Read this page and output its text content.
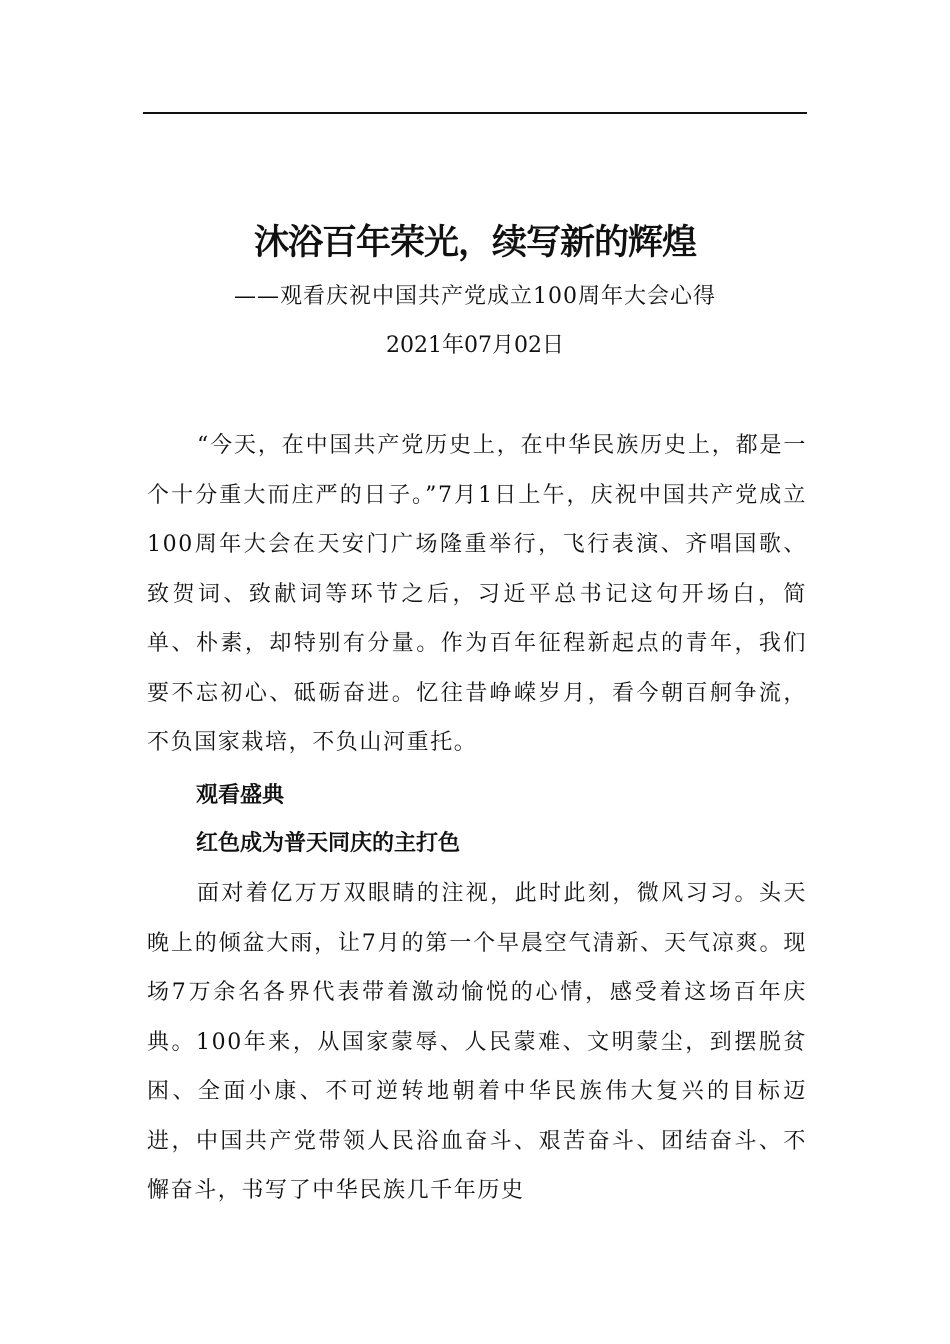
沐浴百年荣光，续写新的辉煌
——观看庆祝中国共产党成立100周年大会心得
2021年07月02日

“今天，在中国共产党历史上，在中华民族历史上，都是一个十分重大而庄严的日子。”7月1日上午，庆祝中国共产党成立100周年大会在天安门广场隆重举行，飞行表演、齐唱国歌、致贺词、致献词等环节之后，习近平总书记这句开场白，简单、朴素，却特别有分量。作为百年征程新起点的青年，我们要不忘初心、砥砺奋进。忆往昔峥嵘岁月，看今朝百舸争流，不负国家栽培，不负山河重托。

观看盛典

红色成为普天同庆的主打色

面对着亿万万双眼睛的注视，此时此刻，微风习习。头天晚上的倾盆大雨，让7月的第一个早晨空气清新、天气凉爽。现场7万余名各界代表带着激动愉悦的心情，感受着这场百年庆典。100年来，从国家蒙辱、人民蒙难、文明蒙尘，到摆脱贫困、全面小康、不可逆转地朝着中华民族伟大复兴的目标迈进，中国共产党带领人民浴血奋斗、艰苦奋斗、团结奋斗、不懈奋斗，书写了中华民族几千年历史
